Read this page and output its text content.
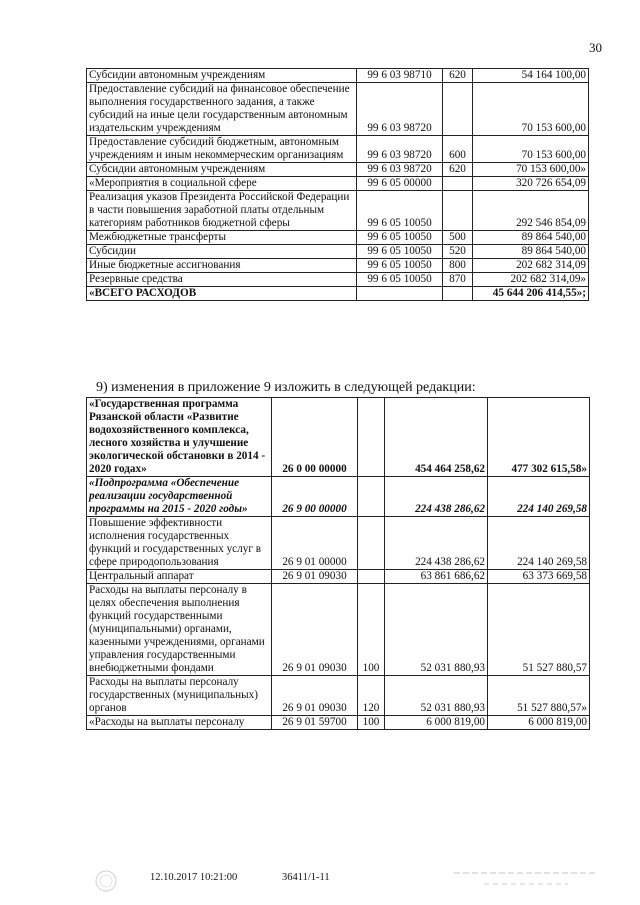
30
Субсидии автономным учреждениям	99 6 03 98710	620	54 164 100,00
Предоставление субсидий на финансовое обеспечение выполнения государственного задания, а также субсидий на иные цели государственным автономным издательским учреждениям	99 6 03 98720		70 153 600,00
Предоставление субсидий бюджетным, автономным учреждениям и иным некоммерческим организациям	99 6 03 98720	600	70 153 600,00
Субсидии автономным учреждениям	99 6 03 98720	620	70 153 600,00»
«Мероприятия в социальной сфере	99 6 05 00000		320 726 654,09
Реализация указов Президента Российской Федерации в части повышения заработной платы отдельным категориям работников бюджетной сферы	99 6 05 10050		292 546 854,09
Межбюджетные трансферты	99 6 05 10050	500	89 864 540,00
Субсидии	99 6 05 10050	520	89 864 540,00
Иные бюджетные ассигнования	99 6 05 10050	800	202 682 314,09
Резервные средства	99 6 05 10050	870	202 682 314,09»
«ВСЕГО РАСХОДОВ			45 644 206 414,55»;
9) изменения в приложение 9 изложить в следующей редакции:
«Государственная программа Рязанской области «Развитие водохозяйственного комплекса, лесного хозяйства и улучшение экологической обстановки в 2014 - 2020 годах»	26 0 00 00000		454 464 258,62	477 302 615,58»
«Подпрограмма «Обеспечение реализации государственной программы на 2015 - 2020 годы»	26 9 00 00000		224 438 286,62	224 140 269,58
Повышение эффективности исполнения государственных функций и государственных услуг в сфере природопользования	26 9 01 00000		224 438 286,62	224 140 269,58
Центральный аппарат	26 9 01 09030		63 861 686,62	63 373 669,58
Расходы на выплаты персоналу в целях обеспечения выполнения функций государственными (муниципальными) органами, казенными учреждениями, органами управления государственными внебюджетными фондами	26 9 01 09030	100	52 031 880,93	51 527 880,57
Расходы на выплаты персоналу государственных (муниципальных) органов	26 9 01 09030	120	52 031 880,93	51 527 880,57»
«Расходы на выплаты персоналу	26 9 01 59700	100	6 000 819,00	6 000 819,00
12.10.2017 10:21:00	36411/1-11
